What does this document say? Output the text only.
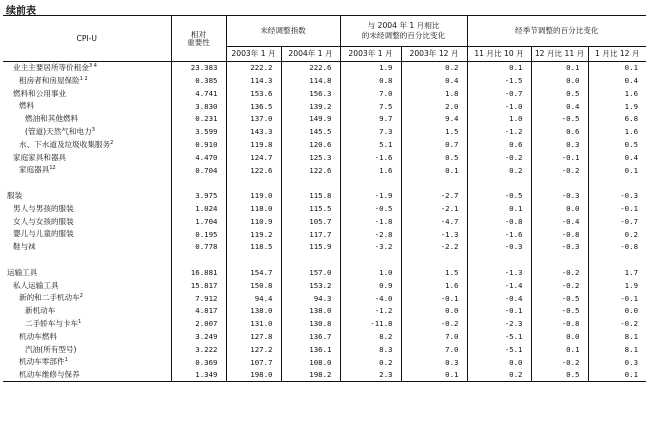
续前表
CPI-U	相对
重要性	未经调整指数		与 2004 年 1 月相比
的未经调整的百分比变化		经季节调整的百分比变化		
		2003年 1 月	2004年 1 月	2003年 1 月	2003年 12 月	11 月比 10 月	12 月比 11 月	1 月比 12 月
业主主要居所等价租金$^{3 4}$	23.383	222.2	222.6	1.9	0.2	0.1	0.1	0.1
租房者和房屋保险$^{1 2}$	0.385	114.3	114.8	0.8	0.4	-1.5	0.0	0.4
燃料和公用事业	4.741	153.6	156.3	7.0	1.8	-0.7	0.5	1.6
燃料	3.830	136.5	139.2	7.5	2.0	-1.0	0.4	1.9
燃油和其他燃料	0.231	137.0	149.9	9.7	9.4	1.0	-0.5	6.8
(管道)天然气和电力$^3$	3.599	143.3	145.5	7.3	1.5	-1.2	0.6	1.6
水、下水道及垃圾收集服务$^2$	0.910	119.8	120.6	5.1	0.7	0.6	0.3	0.5
家庭家具和器具	4.470	124.7	125.3	-1.6	0.5	-0.2	-0.1	0.4
家庭器具$^{12}$	0.704	122.6	122.6	1.6	0.1	0.2	-0.2	0.1

服装	3.975	119.0	115.8	-1.9	-2.7	-0.5	-0.3	-0.3
男人与男孩的服装	1.024	118.0	115.5	-0.5	-2.1	0.1	0.0	-0.1
女人与女孩的服装	1.704	110.9	105.7	-1.8	-4.7	-0.8	-0.4	-0.7
婴儿与儿童的服装	0.195	119.2	117.7	-2.8	-1.3	-1.6	-0.8	0.2
鞋与袜	0.778	118.5	115.9	-3.2	-2.2	-0.3	-0.3	-0.8

运输工具	16.881	154.7	157.0	1.0	1.5	-1.3	-0.2	1.7
私人运输工具	15.817	150.8	153.2	0.9	1.6	-1.4	-0.2	1.9
新的和二手机动车$^2$	7.912	94.4	94.3	-4.0	-0.1	-0.4	-0.5	-0.1
新机动车	4.817	138.0	138.0	-1.2	0.0	-0.1	-0.5	0.0
二手轿车与卡车$^1$	2.007	131.0	130.8	-11.8	-0.2	-2.3	-0.8	-0.2
机动车燃料	3.249	127.8	136.7	8.2	7.0	-5.1	0.0	8.1
汽油(所有型号)	3.222	127.2	136.1	8.3	7.0	-5.1	0.1	8.1
机动车零部件$^1$	0.369	107.7	108.0	0.2	0.3	0.0	-0.2	0.3
机动车维修与保养	1.349	198.0	198.2	2.3	0.1	0.2	0.5	0.1
